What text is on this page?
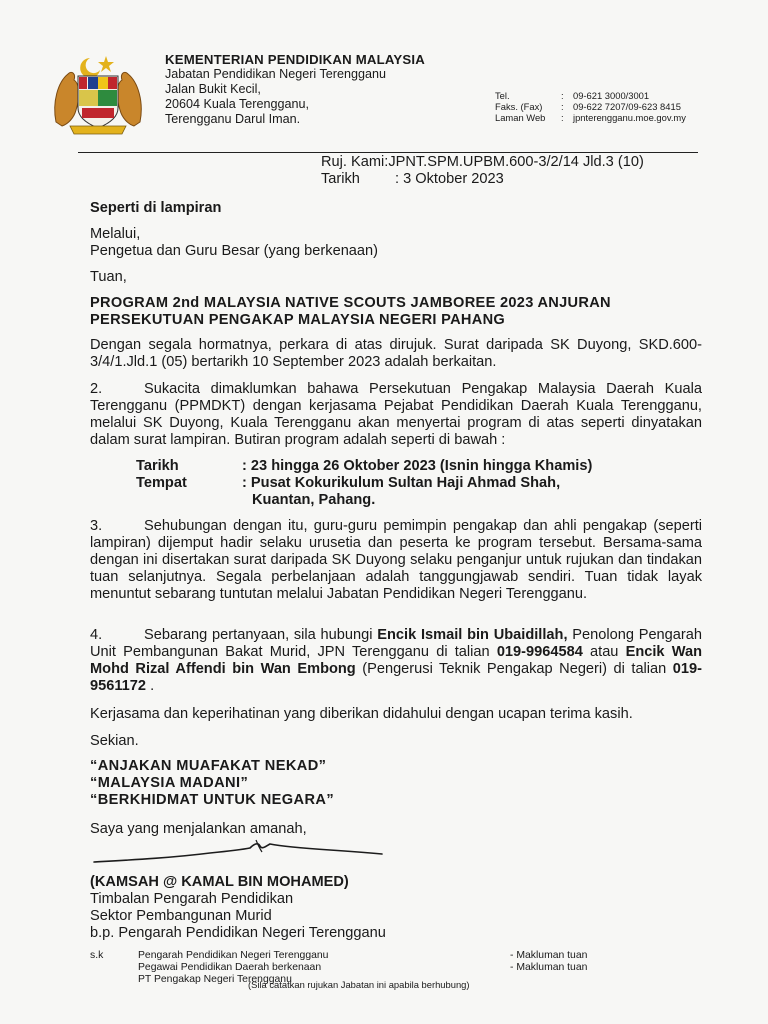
KEMENTERIAN PENDIDIKAN MALAYSIA
Jabatan Pendidikan Negeri Terengganu
Jalan Bukit Kecil,
20604 Kuala Terengganu,
Terengganu Darul Iman.
Tel.	: 09-621 3000/3001
Faks. (Fax)	: 09-622 7207/09-623 8415
Laman Web	: jpnterengganu.moe.gov.my
Ruj. Kami :JPNT.SPM.UPBM.600-3/2/14 Jld.3 (10)
Tarikh	: 3 Oktober 2023
Seperti di lampiran
Melalui,
Pengetua dan Guru Besar (yang berkenaan)
Tuan,
PROGRAM 2nd MALAYSIA NATIVE SCOUTS JAMBOREE 2023 ANJURAN
PERSEKUTUAN PENGAKAP MALAYSIA NEGERI PAHANG
Dengan segala hormatnya, perkara di atas dirujuk. Surat daripada SK Duyong, SKD.600-3/4/1.Jld.1 (05) bertarikh 10 September 2023 adalah berkaitan.
2.	Sukacita dimaklumkan bahawa Persekutuan Pengakap Malaysia Daerah Kuala Terengganu (PPMDKT) dengan kerjasama Pejabat Pendidikan Daerah Kuala Terengganu, melalui SK Duyong, Kuala Terengganu akan menyertai program di atas seperti dinyatakan dalam surat lampiran. Butiran program adalah seperti di bawah :
Tarikh	: 23 hingga 26 Oktober 2023 (Isnin hingga Khamis)
Tempat	: Pusat Kokurikulum Sultan Haji Ahmad Shah,
Kuantan, Pahang.
3.	Sehubungan dengan itu, guru-guru pemimpin pengakap dan ahli pengakap (seperti lampiran) dijemput hadir selaku urusetia dan peserta ke program tersebut. Bersama-sama dengan ini disertakan surat daripada SK Duyong selaku penganjur untuk rujukan dan tindakan tuan selanjutnya. Segala perbelanjaan adalah tanggungjawab sendiri. Tuan tidak layak menuntut sebarang tuntutan melalui Jabatan Pendidikan Negeri Terengganu.
4.	Sebarang pertanyaan, sila hubungi Encik Ismail bin Ubaidillah, Penolong Pengarah Unit Pembangunan Bakat Murid, JPN Terengganu di talian 019-9964584 atau Encik Wan Mohd Rizal Affendi bin Wan Embong (Pengerusi Teknik Pengakap Negeri) di talian 019-9561172 .
Kerjasama dan keperihatinan yang diberikan didahului dengan ucapan terima kasih.
Sekian.
“ANJAKAN MUAFAKAT NEKAD”
“MALAYSIA MADANI”
“BERKHIDMAT UNTUK NEGARA”
Saya yang menjalankan amanah,
(KAMSAH @ KAMAL BIN MOHAMED)
Timbalan Pengarah Pendidikan
Sektor Pembangunan Murid
b.p. Pengarah Pendidikan Negeri Terengganu
s.k	Pengarah Pendidikan Negeri Terengganu	- Makluman tuan
Pegawai Pendidikan Daerah berkenaan	- Makluman tuan
PT Pengakap Negeri Terengganu
(Sila catatkan rujukan Jabatan ini apabila berhubung)
